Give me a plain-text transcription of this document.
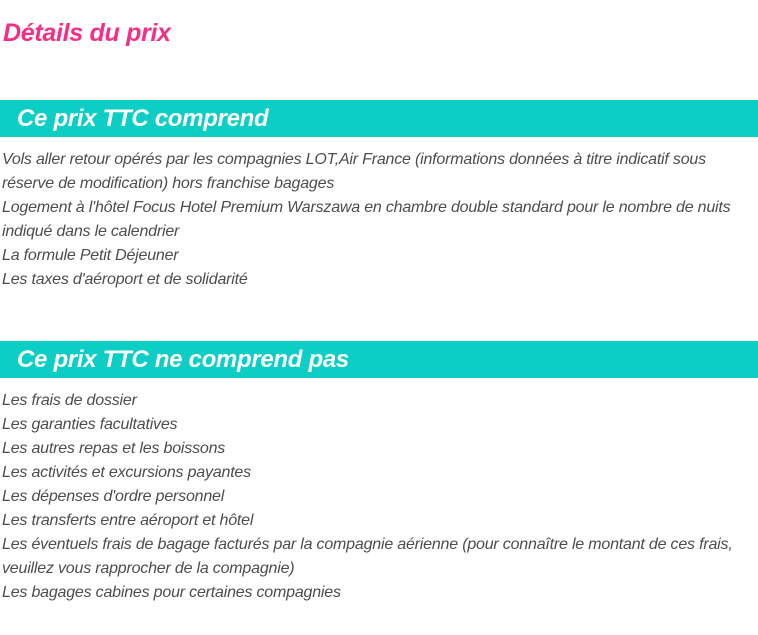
Détails du prix
Ce prix TTC comprend
Vols aller retour opérés par les compagnies LOT,Air France (informations données à titre indicatif sous réserve de modification) hors franchise bagages
Logement à l'hôtel Focus Hotel Premium Warszawa en chambre double standard pour le nombre de nuits indiqué dans le calendrier
La formule Petit Déjeuner
Les taxes d'aéroport et de solidarité
Ce prix TTC ne comprend pas
Les frais de dossier
Les garanties facultatives
Les autres repas et les boissons
Les activités et excursions payantes
Les dépenses d'ordre personnel
Les transferts entre aéroport et hôtel
Les éventuels frais de bagage facturés par la compagnie aérienne (pour connaître le montant de ces frais, veuillez vous rapprocher de la compagnie)
Les bagages cabines pour certaines compagnies
